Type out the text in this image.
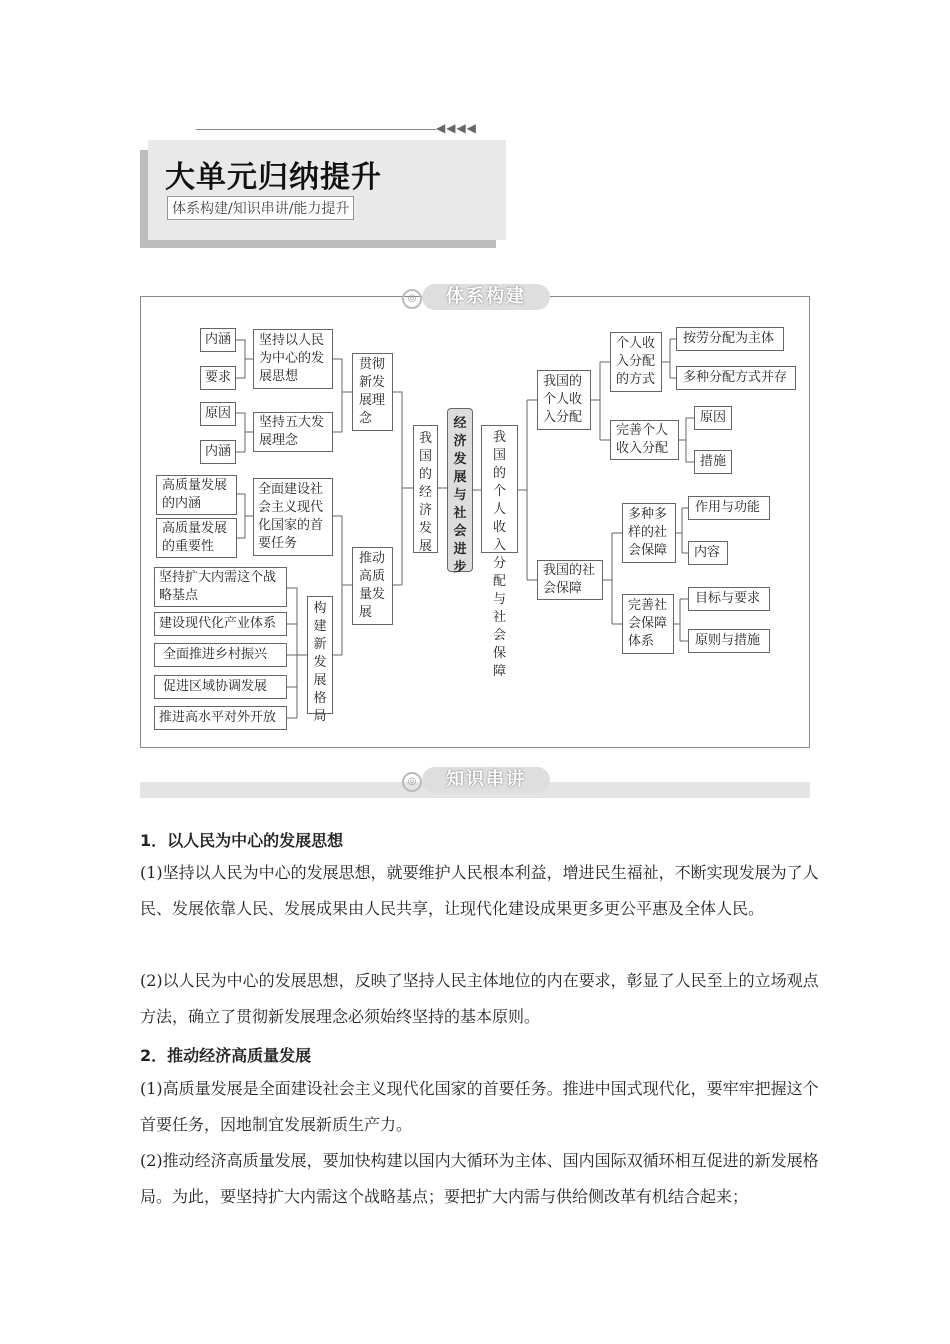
◀◀◀◀
大单元归纳提升
体系构建/知识串讲/能力提升
◎	体系构建
内涵
要求
原因
内涵
高质量发展的内涵
高质量发展的重要性
坚持扩大内需这个战略基点
建设现代化产业体系
全面推进乡村振兴
促进区域协调发展
推进高水平对外开放
坚持以人民为中心的发展思想
坚持五大发展理念
全面建设社会主义现代化国家的首要任务
构建新发展格局
贯彻新发展理念
推动高质量发展
我国的经济发展
经济发展与社会进步
我国的个人收入分配与社会保障
我国的个人收入分配
我国的社会保障
个人收入分配的方式
完善个人收入分配
多种多样的社会保障
完善社会保障体系
按劳分配为主体
多种分配方式并存
原因
措施
作用与功能
内容
目标与要求
原则与措施
◎	知识串讲
1．以人民为中心的发展思想
(1)坚持以人民为中心的发展思想，就要维护人民根本利益，增进民生福祉，不断实现发展为了人民、发展依靠人民、发展成果由人民共享，让现代化建设成果更多更公平惠及全体人民。
(2)以人民为中心的发展思想，反映了坚持人民主体地位的内在要求，彰显了人民至上的立场观点方法，确立了贯彻新发展理念必须始终坚持的基本原则。
2．推动经济高质量发展
(1)高质量发展是全面建设社会主义现代化国家的首要任务。推进中国式现代化，要牢牢把握这个首要任务，因地制宜发展新质生产力。
(2)推动经济高质量发展，要加快构建以国内大循环为主体、国内国际双循环相互促进的新发展格局。为此，要坚持扩大内需这个战略基点；要把扩大内需与供给侧改革有机结合起来；
